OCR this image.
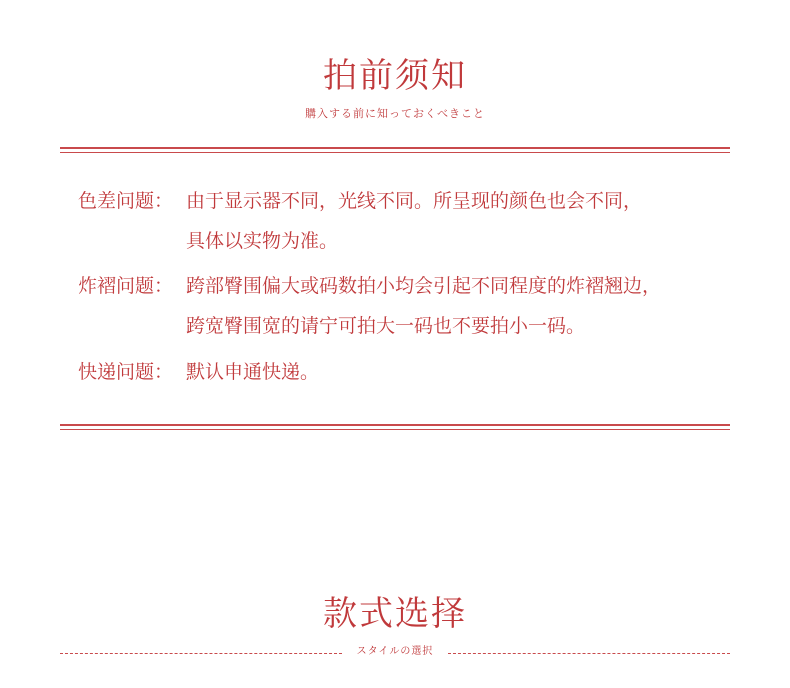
拍前须知
購入する前に知っておくべきこと
色差问题： 由于显示器不同，光线不同。所呈现的颜色也会不同，
具体以实物为准。
炸褶问题： 跨部臀围偏大或码数拍小均会引起不同程度的炸褶翘边，
跨宽臀围宽的请宁可拍大一码也不要拍小一码。
快递问题： 默认申通快递。
款式选择
スタイルの選択
